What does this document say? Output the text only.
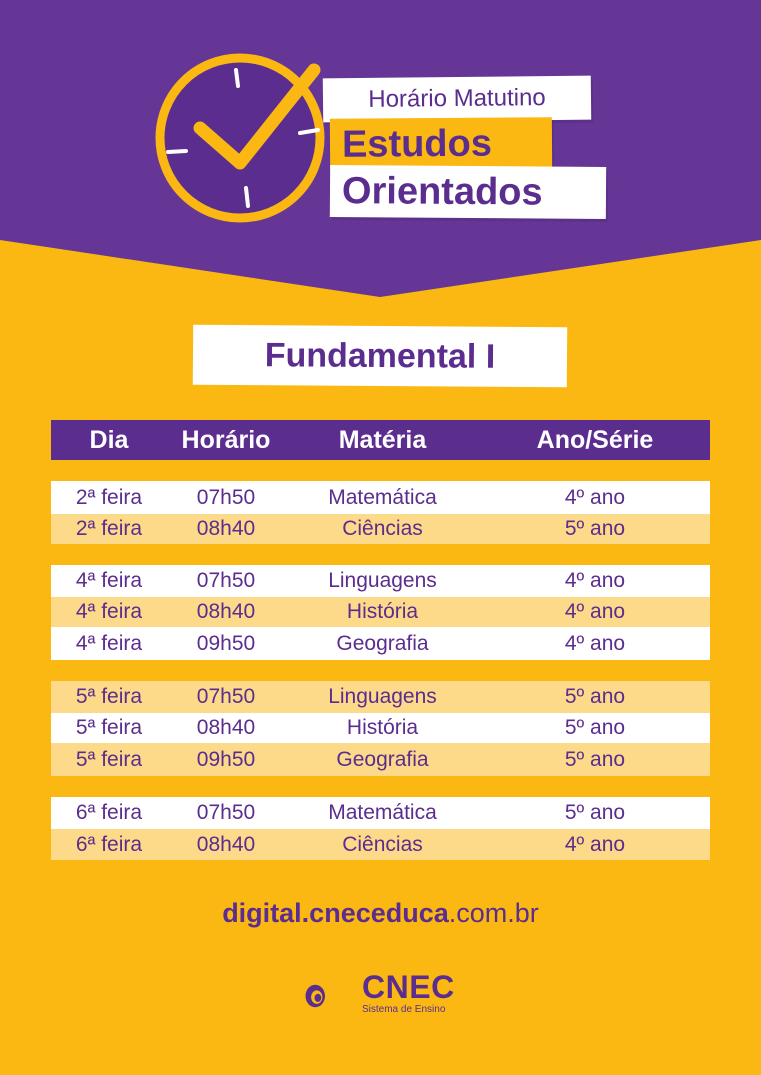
Horário Matutino
Estudos
Orientados
Fundamental I
Dia	Horário	Matéria	Ano/Série
2ª feira	07h50	Matemática	4º ano
2ª feira	08h40	Ciências	5º ano
4ª feira	07h50	Linguagens	4º ano
4ª feira	08h40	História	4º ano
4ª feira	09h50	Geografia	4º ano
5ª feira	07h50	Linguagens	5º ano
5ª feira	08h40	História	5º ano
5ª feira	09h50	Geografia	5º ano
6ª feira	07h50	Matemática	5º ano
6ª feira	08h40	Ciências	4º ano
digital.cneceduca.com.br
CNEC
Sistema de Ensino
